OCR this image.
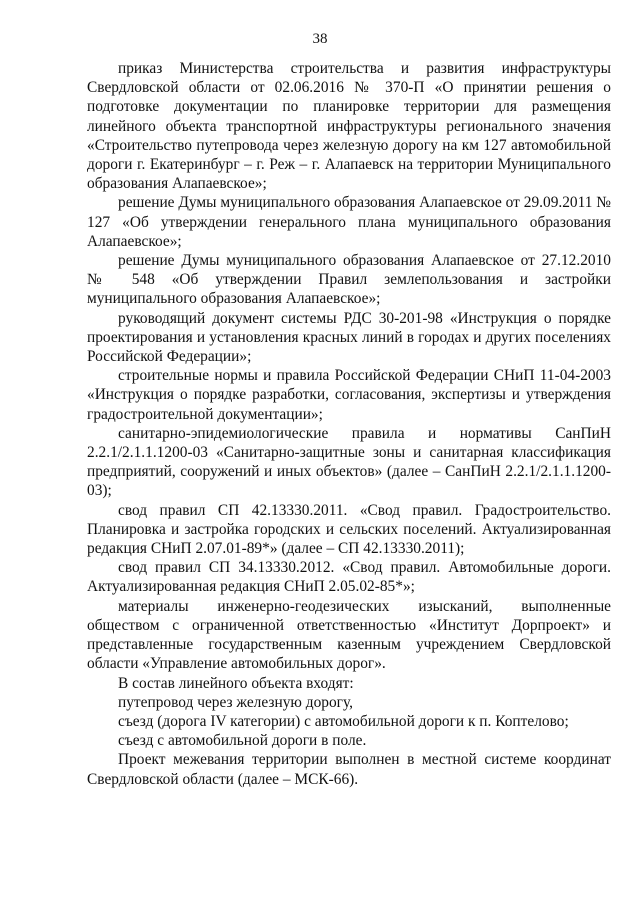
38

приказ Министерства строительства и развития инфраструктуры Свердловской области от 02.06.2016 № 370-П «О принятии решения о подготовке документации по планировке территории для размещения линейного объекта транспортной инфраструктуры регионального значения «Строительство путепровода через железную дорогу на км 127 автомобильной дороги г. Екатеринбург – г. Реж – г. Алапаевск на территории Муниципального образования Алапаевское»;

решение Думы муниципального образования Алапаевское от 29.09.2011 № 127 «Об утверждении генерального плана муниципального образования Алапаевское»;

решение Думы муниципального образования Алапаевское от 27.12.2010 № 548 «Об утверждении Правил землепользования и застройки муниципального образования Алапаевское»;

руководящий документ системы РДС 30-201-98 «Инструкция о порядке проектирования и установления красных линий в городах и других поселениях Российской Федерации»;

строительные нормы и правила Российской Федерации СНиП 11-04-2003 «Инструкция о порядке разработки, согласования, экспертизы и утверждения градостроительной документации»;

санитарно-эпидемиологические правила и нормативы СанПиН 2.2.1/2.1.1.1200-03 «Санитарно-защитные зоны и санитарная классификация предприятий, сооружений и иных объектов» (далее – СанПиН 2.2.1/2.1.1.1200-03);

свод правил СП 42.13330.2011. «Свод правил. Градостроительство. Планировка и застройка городских и сельских поселений. Актуализированная редакция СНиП 2.07.01-89*» (далее – СП 42.13330.2011);

свод правил СП 34.13330.2012. «Свод правил. Автомобильные дороги. Актуализированная редакция СНиП 2.05.02-85*»;

материалы инженерно-геодезических изысканий, выполненные обществом с ограниченной ответственностью «Институт Дорпроект» и представленные государственным казенным учреждением Свердловской области «Управление автомобильных дорог».

В состав линейного объекта входят:

путепровод через железную дорогу,

съезд (дорога IV категории) с автомобильной дороги к п. Коптелово;

съезд с автомобильной дороги в поле.

Проект межевания территории выполнен в местной системе координат Свердловской области (далее – МСК-66).
